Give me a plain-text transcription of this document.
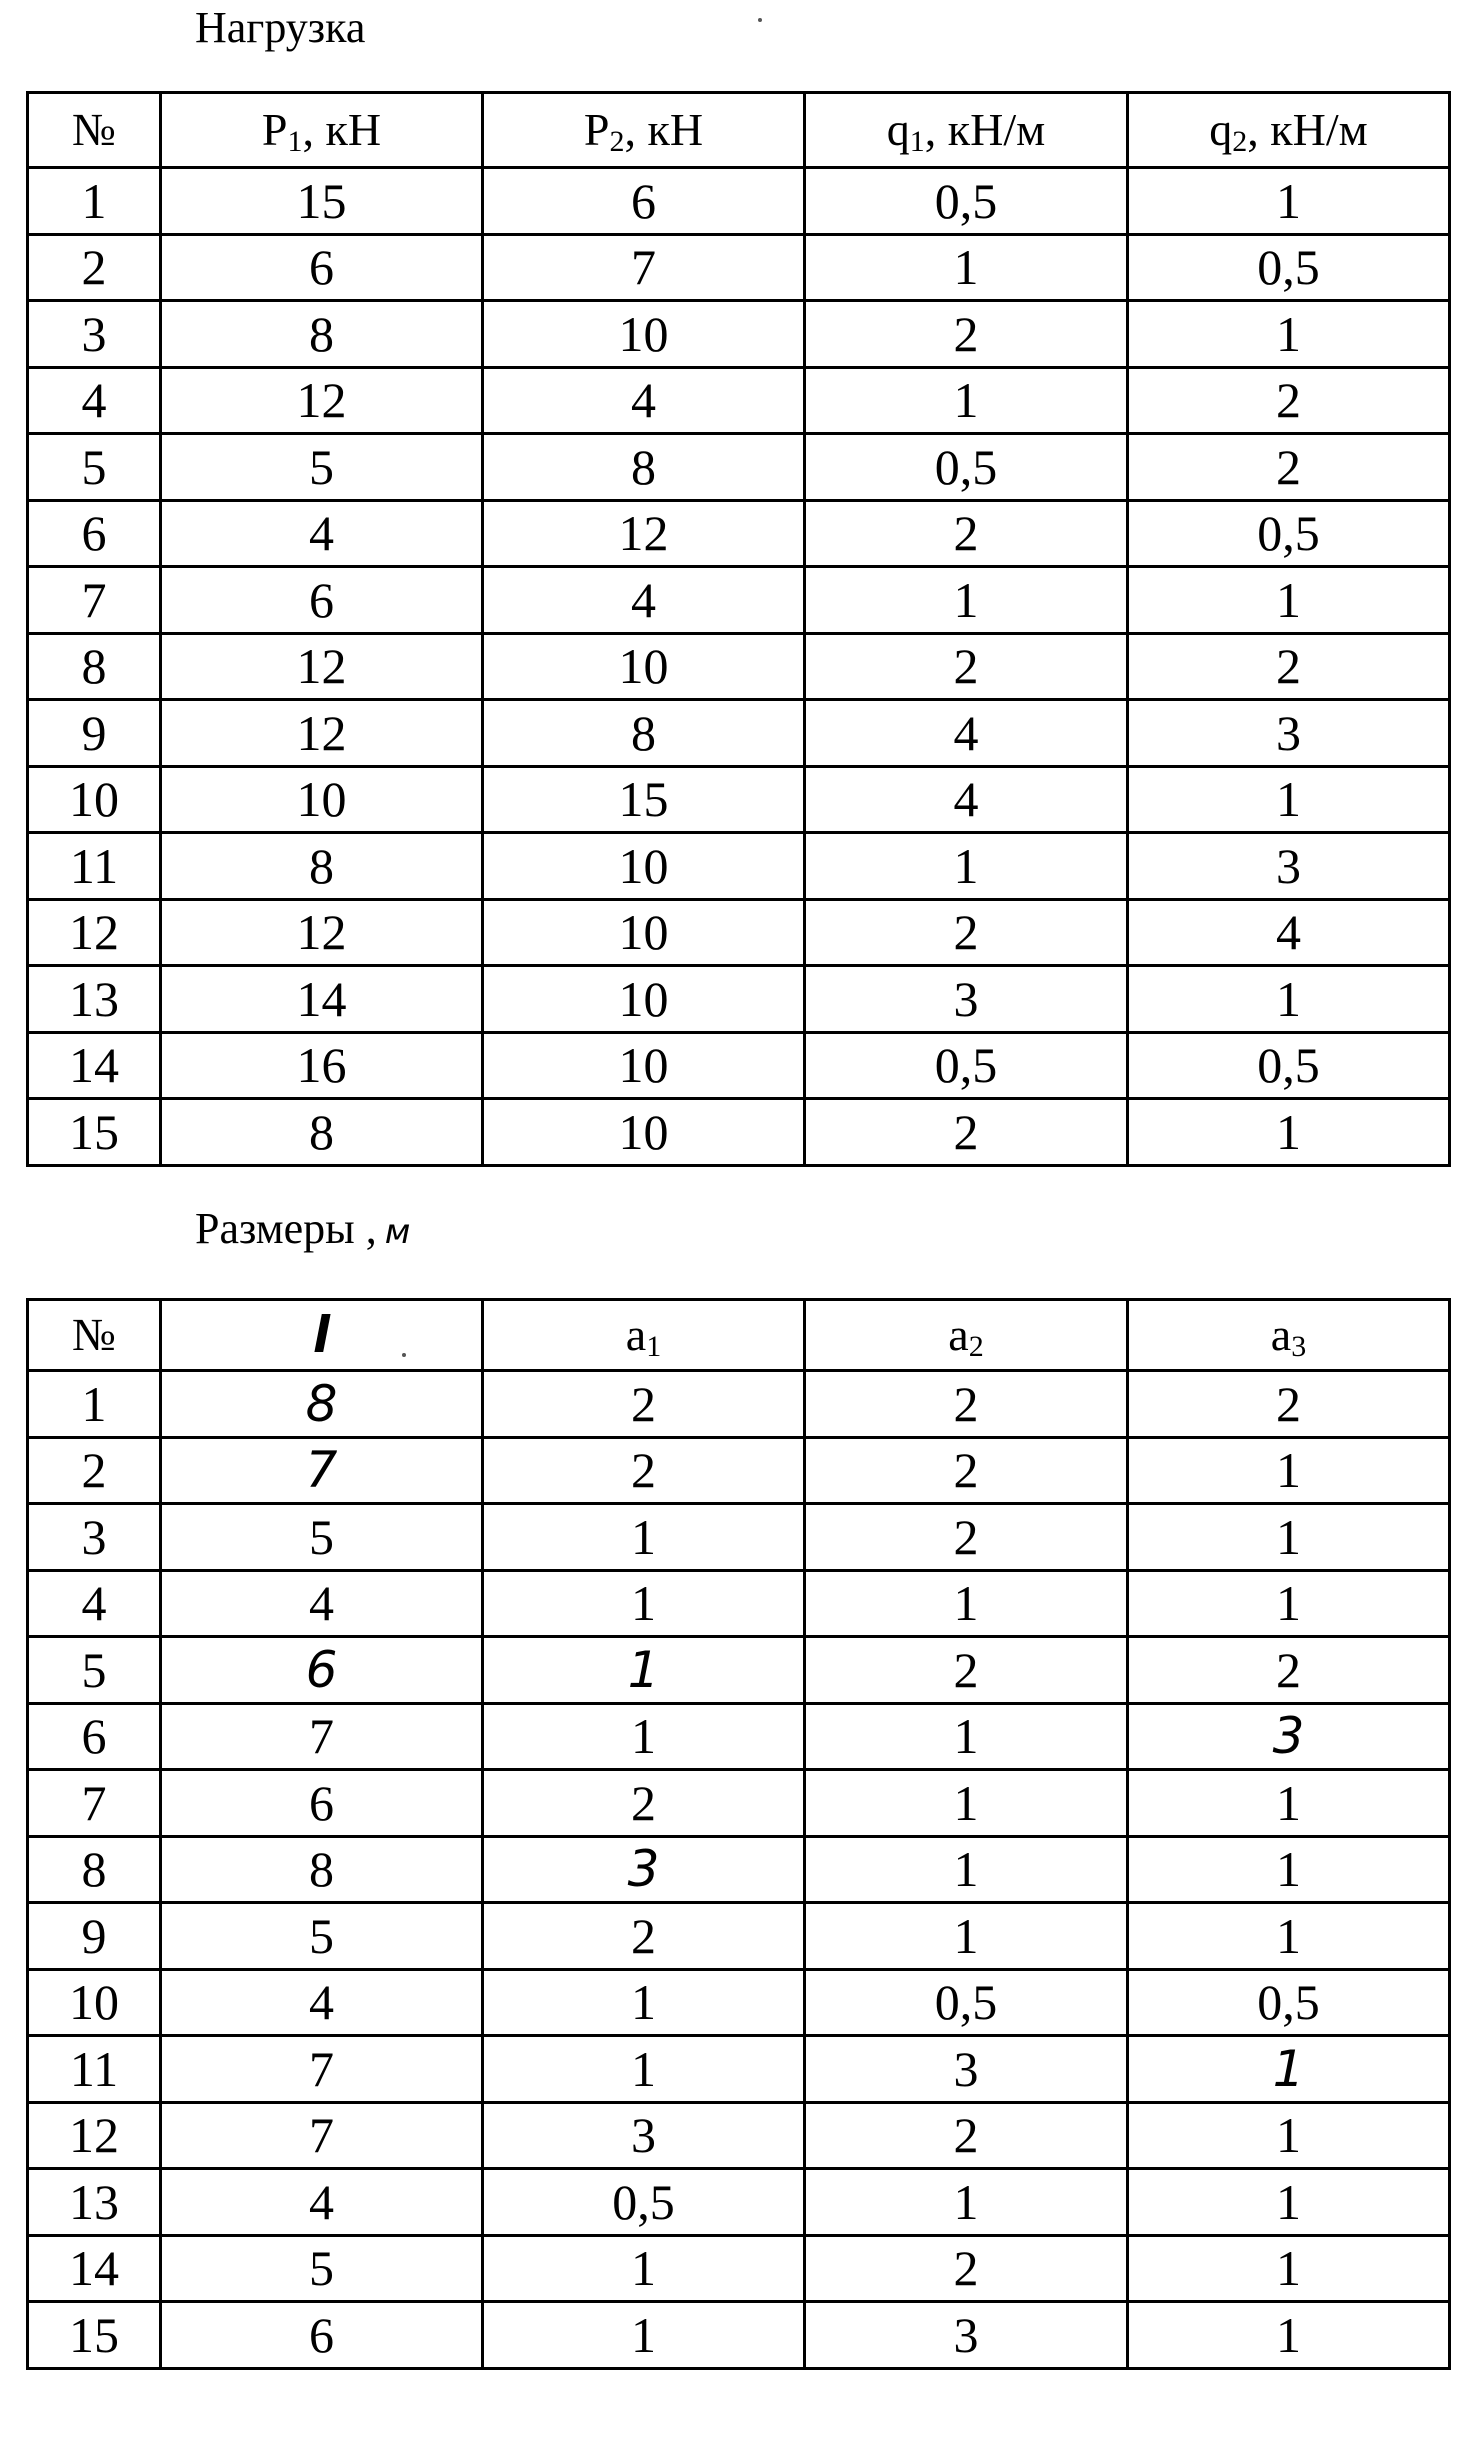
Нагрузка
№	$P_1$, кН	$P_2$, кН	$q_1$, кН/м	$q_2$, кН/м
1	15	6	0,5	1
2	6	7	1	0,5
3	8	10	2	1
4	12	4	1	2
5	5	8	0,5	2
6	4	12	2	0,5
7	6	4	1	1
8	12	10	2	2
9	12	8	4	3
10	10	15	4	1
11	8	10	1	3
12	12	10	2	4
13	14	10	3	1
14	16	10	0,5	0,5
15	8	10	2	1
Размеры , м
№	l	$a_1$	$a_2$	$a_3$
1	8	2	2	2
2	7	2	2	1
3	5	1	2	1
4	4	1	1	1
5	6	1	2	2
6	7	1	1	3
7	6	2	1	1
8	8	3	1	1
9	5	2	1	1
10	4	1	0,5	0,5
11	7	1	3	1
12	7	3	2	1
13	4	0,5	1	1
14	5	1	2	1
15	6	1	3	1
